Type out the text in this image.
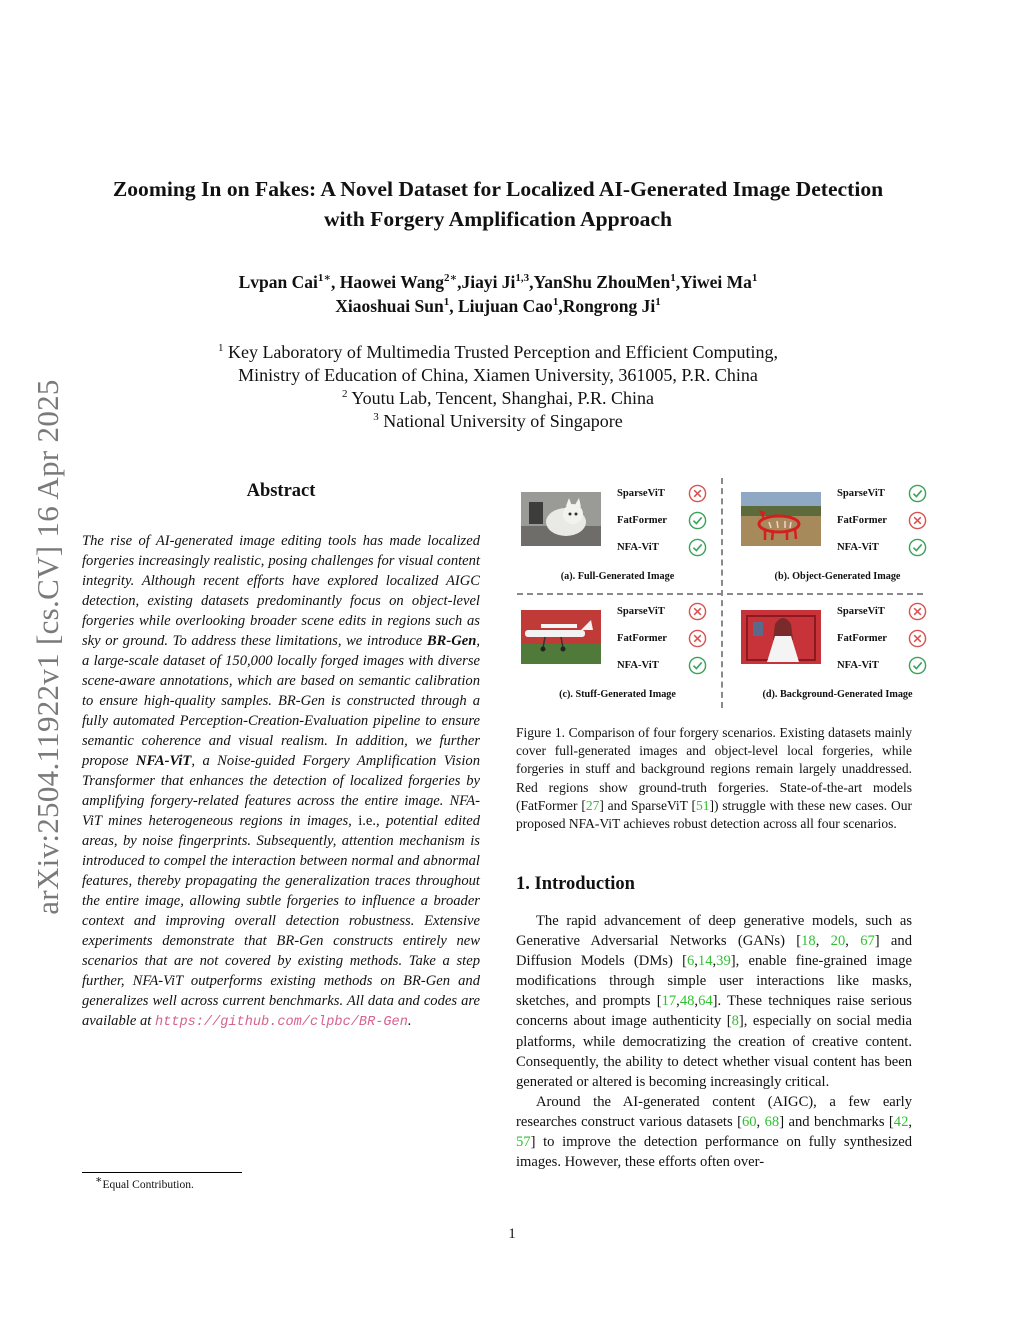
arXiv:2504.11922v1 [cs.CV] 16 Apr 2025
Zooming In on Fakes: A Novel Dataset for Localized AI-Generated Image Detection with Forgery Amplification Approach
Lvpan Cai$^{1∗}$, Haowei Wang$^{2∗}$,Jiayi Ji$^{1,3}$,YanShu ZhouMen$^1$,Yiwei Ma$^1$
Xiaoshuai Sun$^1$, Liujuan Cao$^1$,Rongrong Ji$^1$
$^1$ Key Laboratory of Multimedia Trusted Perception and Efficient Computing,
Ministry of Education of China, Xiamen University, 361005, P.R. China
$^2$ Youtu Lab, Tencent, Shanghai, P.R. China
$^3$ National University of Singapore
Abstract
The rise of AI-generated image editing tools has made localized forgeries increasingly realistic, posing challenges for visual content integrity. Although recent efforts have explored localized AIGC detection, existing datasets predominantly focus on object-level forgeries while overlooking broader scene edits in regions such as sky or ground. To address these limitations, we introduce BR-Gen, a large-scale dataset of 150,000 locally forged images with diverse scene-aware annotations, which are based on semantic calibration to ensure high-quality samples. BR-Gen is constructed through a fully automated Perception-Creation-Evaluation pipeline to ensure semantic coherence and visual realism. In addition, we further propose NFA-ViT, a Noise-guided Forgery Amplification Vision Transformer that enhances the detection of localized forgeries by amplifying forgery-related features across the entire image. NFA-ViT mines heterogeneous regions in images, i.e., potential edited areas, by noise fingerprints. Subsequently, attention mechanism is introduced to compel the interaction between normal and abnormal features, thereby propagating the generalization traces throughout the entire image, allowing subtle forgeries to influence a broader context and improving overall detection robustness. Extensive experiments demonstrate that BR-Gen constructs entirely new scenarios that are not covered by existing methods. Take a step further, NFA-ViT outperforms existing methods on BR-Gen and generalizes well across current benchmarks. All data and codes are available at https://github.com/clpbc/BR-Gen.
∗Equal Contribution.
SparseViT
FatFormer
NFA-ViT
(a). Full-Generated Image
SparseViT
FatFormer
NFA-ViT
(b). Object-Generated Image
SparseViT
FatFormer
NFA-ViT
(c). Stuff-Generated Image
SparseViT
FatFormer
NFA-ViT
(d). Background-Generated Image
Figure 1. Comparison of four forgery scenarios. Existing datasets mainly cover full-generated images and object-level local forgeries, while forgeries in stuff and background regions remain largely unaddressed. Red regions show ground-truth forgeries. State-of-the-art models (FatFormer [27] and SparseViT [51]) struggle with these new cases. Our proposed NFA-ViT achieves robust detection across all four scenarios.
1. Introduction

The rapid advancement of deep generative models, such as Generative Adversarial Networks (GANs) [18, 20, 67] and Diffusion Models (DMs) [6,14,39], enable fine-grained image modifications through simple user interactions like masks, sketches, and prompts [17,48,64]. These techniques raise serious concerns about image authenticity [8], especially on social media platforms, while democratizing the creation of creative content. Consequently, the ability to detect whether visual content has been generated or altered is becoming increasingly critical.

Around the AI-generated content (AIGC), a few early researches construct various datasets [60, 68] and benchmarks [42, 57] to improve the detection performance on fully synthesized images. However, these efforts often over-

1
